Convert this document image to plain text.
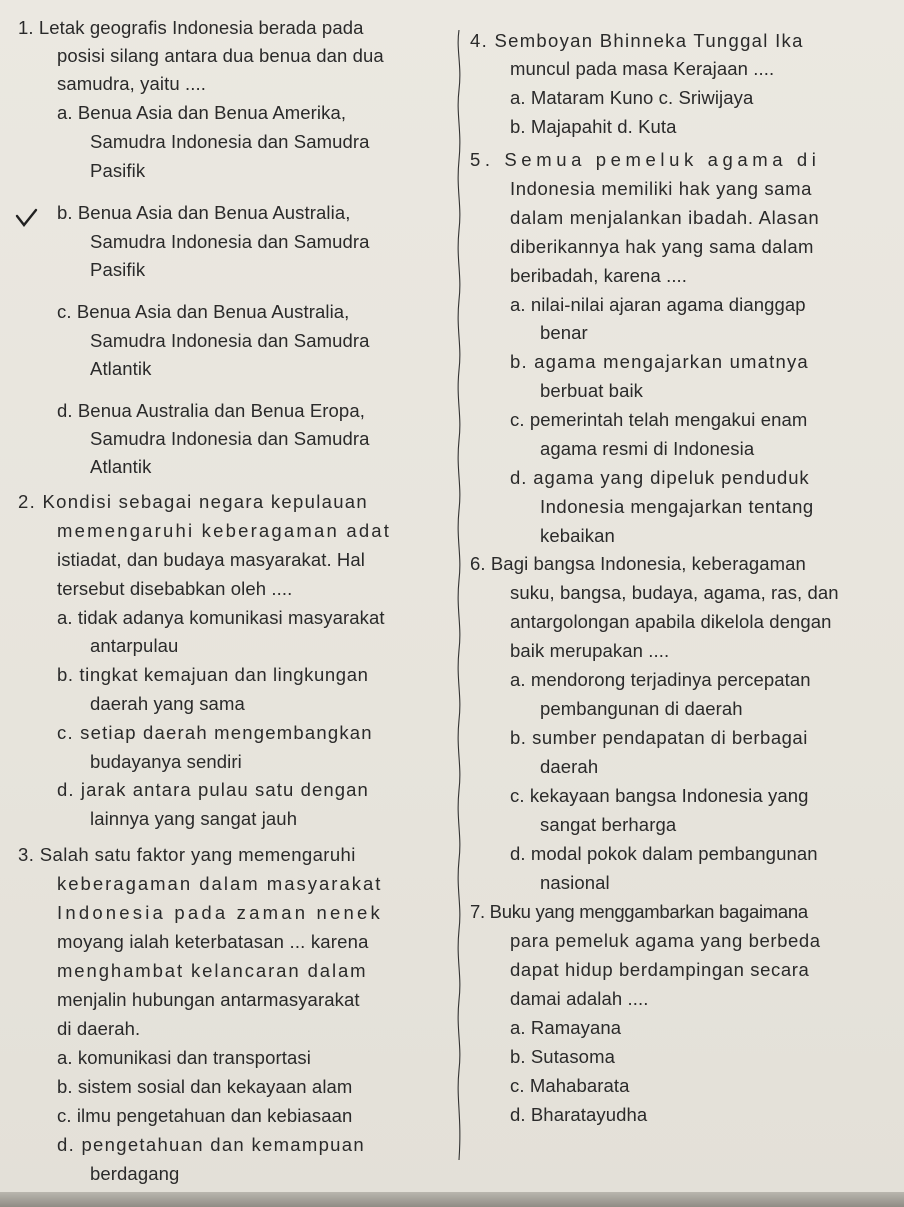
1. Letak geografis Indonesia berada pada
posisi silang antara dua benua dan dua
samudra, yaitu ....
a. Benua Asia dan Benua Amerika,
Samudra Indonesia dan Samudra
Pasifik
b. Benua Asia dan Benua Australia,
Samudra Indonesia dan Samudra
Pasifik
c. Benua Asia dan Benua Australia,
Samudra Indonesia dan Samudra
Atlantik
d. Benua Australia dan Benua Eropa,
Samudra Indonesia dan Samudra
Atlantik
2. Kondisi sebagai negara kepulauan
memengaruhi keberagaman adat
istiadat, dan budaya masyarakat. Hal
tersebut disebabkan oleh ....
a. tidak adanya komunikasi masyarakat
antarpulau
b. tingkat kemajuan dan lingkungan
daerah yang sama
c. setiap daerah mengembangkan
budayanya sendiri
d. jarak antara pulau satu dengan
lainnya yang sangat jauh
3. Salah satu faktor yang memengaruhi
keberagaman dalam masyarakat
Indonesia pada zaman nenek
moyang ialah keterbatasan ... karena
menghambat kelancaran dalam
menjalin hubungan antarmasyarakat
di daerah.
a. komunikasi dan transportasi
b. sistem sosial dan kekayaan alam
c. ilmu pengetahuan dan kebiasaan
d. pengetahuan dan kemampuan
berdagang
4. Semboyan Bhinneka Tunggal Ika
muncul pada masa Kerajaan ....
a. Mataram Kuno c. Sriwijaya
b. Majapahit d. Kuta
5. Semua pemeluk agama di
Indonesia memiliki hak yang sama
dalam menjalankan ibadah. Alasan
diberikannya hak yang sama dalam
beribadah, karena ....
a. nilai-nilai ajaran agama dianggap
benar
b. agama mengajarkan umatnya
berbuat baik
c. pemerintah telah mengakui enam
agama resmi di Indonesia
d. agama yang dipeluk penduduk
Indonesia mengajarkan tentang
kebaikan
6. Bagi bangsa Indonesia, keberagaman
suku, bangsa, budaya, agama, ras, dan
antargolongan apabila dikelola dengan
baik merupakan ....
a. mendorong terjadinya percepatan
pembangunan di daerah
b. sumber pendapatan di berbagai
daerah
c. kekayaan bangsa Indonesia yang
sangat berharga
d. modal pokok dalam pembangunan
nasional
7. Buku yang menggambarkan bagaimana
para pemeluk agama yang berbeda
dapat hidup berdampingan secara
damai adalah ....
a. Ramayana
b. Sutasoma
c. Mahabarata
d. Bharatayudha
